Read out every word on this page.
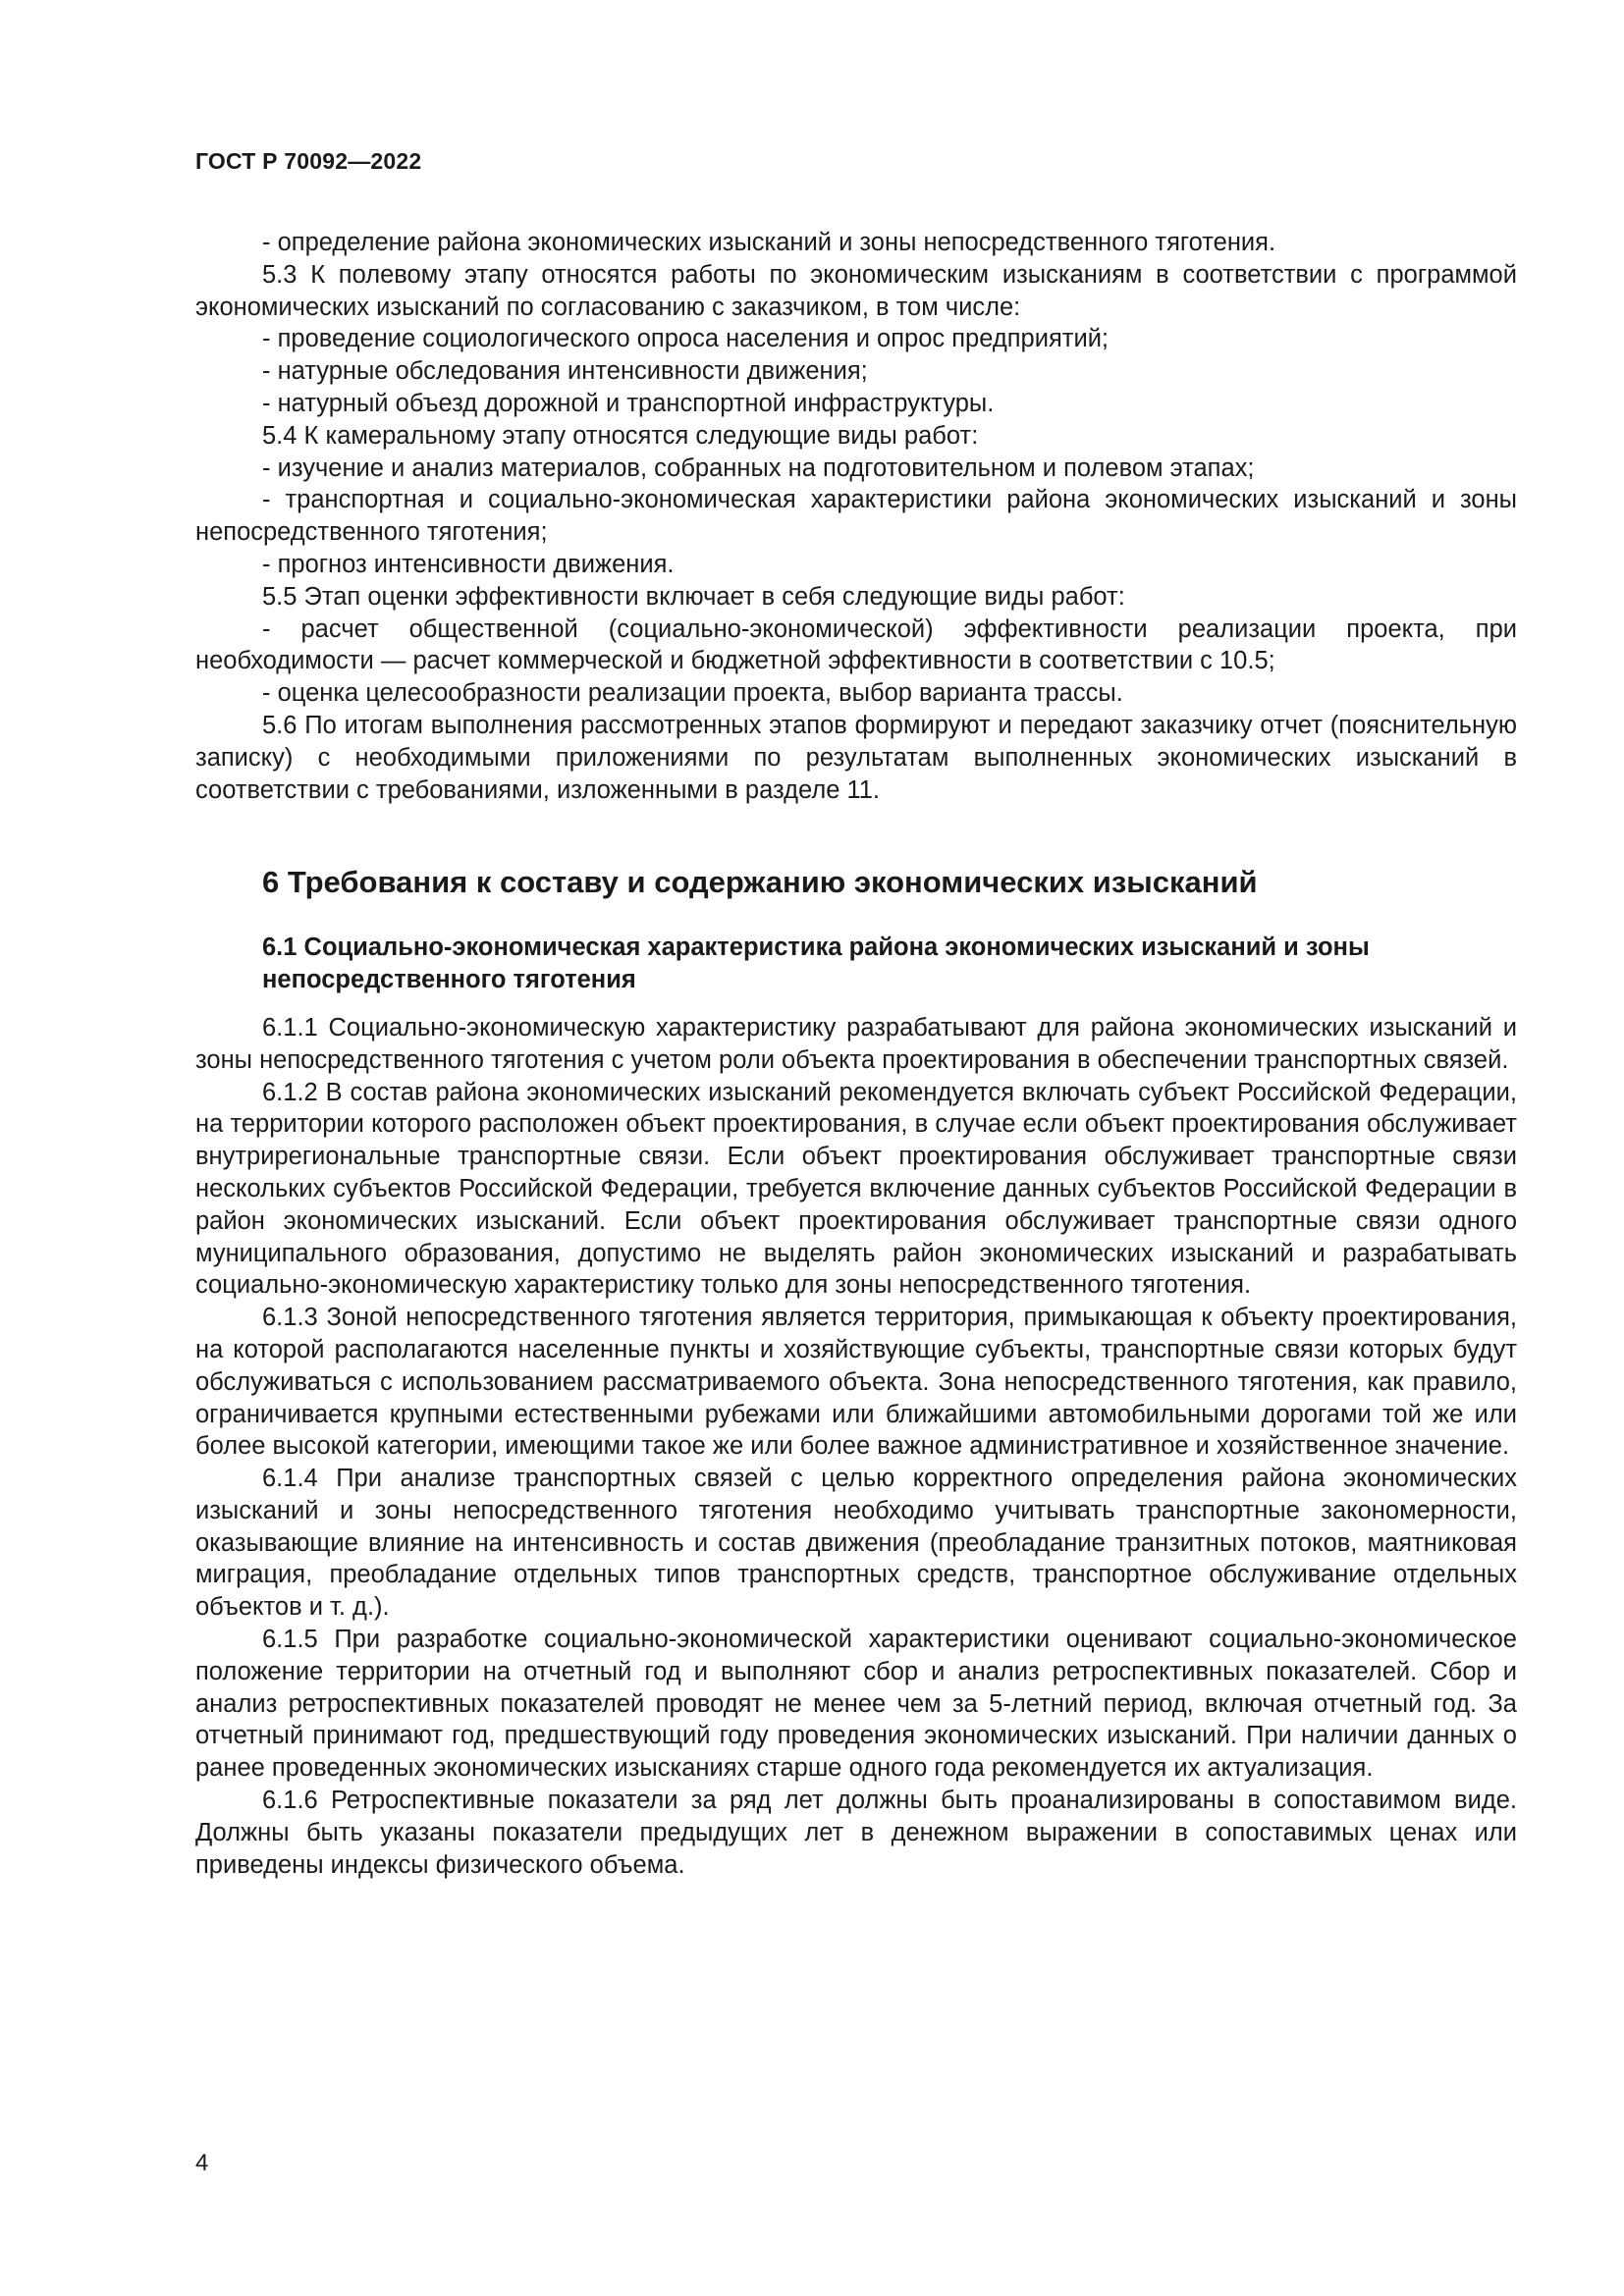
ГОСТ Р 70092—2022

- определение района экономических изысканий и зоны непосредственного тяготения.

5.3 К полевому этапу относятся работы по экономическим изысканиям в соответствии с программой экономических изысканий по согласованию с заказчиком, в том числе:

- проведение социологического опроса населения и опрос предприятий;

- натурные обследования интенсивности движения;

- натурный объезд дорожной и транспортной инфраструктуры.

5.4 К камеральному этапу относятся следующие виды работ:

- изучение и анализ материалов, собранных на подготовительном и полевом этапах;

- транспортная и социально-экономическая характеристики района экономических изысканий и зоны непосредственного тяготения;

- прогноз интенсивности движения.

5.5 Этап оценки эффективности включает в себя следующие виды работ:

- расчет общественной (социально-экономической) эффективности реализации проекта, при необходимости — расчет коммерческой и бюджетной эффективности в соответствии с 10.5;

- оценка целесообразности реализации проекта, выбор варианта трассы.

5.6 По итогам выполнения рассмотренных этапов формируют и передают заказчику отчет (пояснительную записку) с необходимыми приложениями по результатам выполненных экономических изысканий в соответствии с требованиями, изложенными в разделе 11.

6 Требования к составу и содержанию экономических изысканий
6.1 Социально-экономическая характеристика района экономических изысканий и зоны непосредственного тяготения

6.1.1 Социально-экономическую характеристику разрабатывают для района экономических изысканий и зоны непосредственного тяготения с учетом роли объекта проектирования в обеспечении транспортных связей.

6.1.2 В состав района экономических изысканий рекомендуется включать субъект Российской Федерации, на территории которого расположен объект проектирования, в случае если объект проектирования обслуживает внутрирегиональные транспортные связи. Если объект проектирования обслуживает транспортные связи нескольких субъектов Российской Федерации, требуется включение данных субъектов Российской Федерации в район экономических изысканий. Если объект проектирования обслуживает транспортные связи одного муниципального образования, допустимо не выделять район экономических изысканий и разрабатывать социально-экономическую характеристику только для зоны непосредственного тяготения.

6.1.3 Зоной непосредственного тяготения является территория, примыкающая к объекту проектирования, на которой располагаются населенные пункты и хозяйствующие субъекты, транспортные связи которых будут обслуживаться с использованием рассматриваемого объекта. Зона непосредственного тяготения, как правило, ограничивается крупными естественными рубежами или ближайшими автомобильными дорогами той же или более высокой категории, имеющими такое же или более важное административное и хозяйственное значение.

6.1.4 При анализе транспортных связей с целью корректного определения района экономических изысканий и зоны непосредственного тяготения необходимо учитывать транспортные закономерности, оказывающие влияние на интенсивность и состав движения (преобладание транзитных потоков, маятниковая миграция, преобладание отдельных типов транспортных средств, транспортное обслуживание отдельных объектов и т. д.).

6.1.5 При разработке социально-экономической характеристики оценивают социально-экономическое положение территории на отчетный год и выполняют сбор и анализ ретроспективных показателей. Сбор и анализ ретроспективных показателей проводят не менее чем за 5-летний период, включая отчетный год. За отчетный принимают год, предшествующий году проведения экономических изысканий. При наличии данных о ранее проведенных экономических изысканиях старше одного года рекомендуется их актуализация.

6.1.6 Ретроспективные показатели за ряд лет должны быть проанализированы в сопоставимом виде. Должны быть указаны показатели предыдущих лет в денежном выражении в сопоставимых ценах или приведены индексы физического объема.

4
